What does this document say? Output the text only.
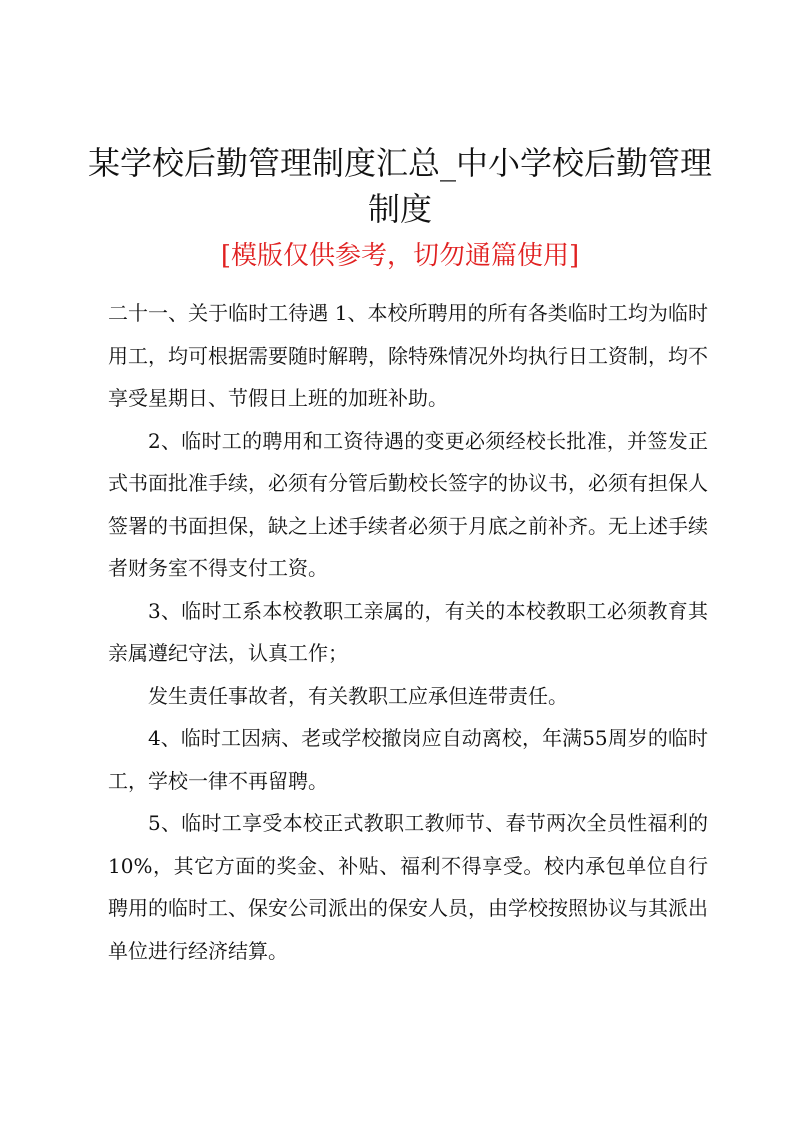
某学校后勤管理制度汇总_中小学校后勤管理
制度
[模版仅供参考，切勿通篇使用]

二十一、关于临时工待遇 1、本校所聘用的所有各类临时工均为临时用工，均可根据需要随时解聘，除特殊情况外均执行日工资制，均不享受星期日、节假日上班的加班补助。

2、临时工的聘用和工资待遇的变更必须经校长批准，并签发正式书面批准手续，必须有分管后勤校长签字的协议书，必须有担保人签署的书面担保，缺之上述手续者必须于月底之前补齐。无上述手续者财务室不得支付工资。

3、临时工系本校教职工亲属的，有关的本校教职工必须教育其亲属遵纪守法，认真工作；

发生责任事故者，有关教职工应承但连带责任。

4、临时工因病、老或学校撤岗应自动离校，年满55周岁的临时工，学校一律不再留聘。

5、临时工享受本校正式教职工教师节、春节两次全员性福利的10%，其它方面的奖金、补贴、福利不得享受。校内承包单位自行聘用的临时工、保安公司派出的保安人员，由学校按照协议与其派出单位进行经济结算。
